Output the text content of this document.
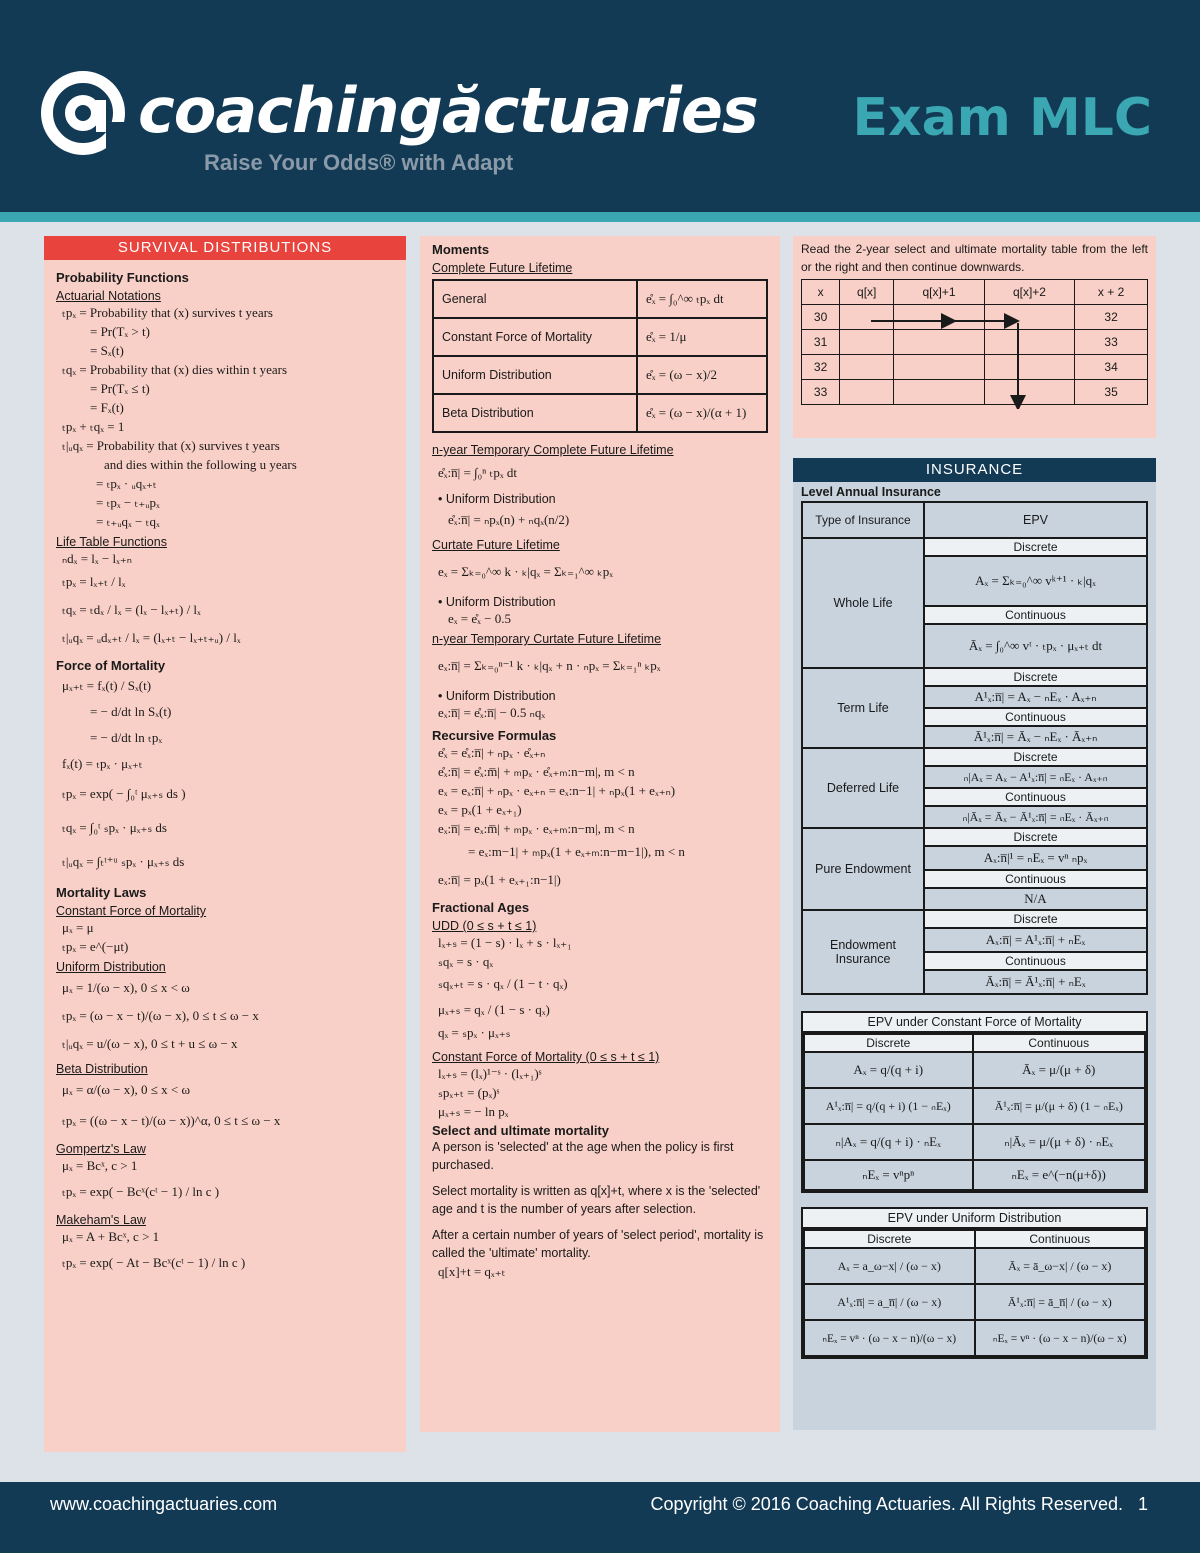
coachingăctuaries
Raise Your Odds® with Adapt
Exam MLC
SURVIVAL DISTRIBUTIONS
Probability Functions
Actuarial Notations
ₜpₓ = Probability that (x) survives t years
= Pr(Tₓ > t)
= Sₓ(t)
ₜqₓ = Probability that (x) dies within t years
= Pr(Tₓ ≤ t)
= Fₓ(t)
ₜpₓ + ₜqₓ = 1
ₜ|ᵤqₓ = Probability that (x) survives t years
and dies within the following u years
= ₜpₓ · ᵤqₓ₊ₜ
= ₜpₓ − ₜ₊ᵤpₓ
= ₜ₊ᵤqₓ − ₜqₓ
Life Table Functions
ₙdₓ = lₓ − lₓ₊ₙ
ₜpₓ = lₓ₊ₜ / lₓ
ₜqₓ = ₜdₓ / lₓ = (lₓ − lₓ₊ₜ) / lₓ
ₜ|ᵤqₓ = ᵤdₓ₊ₜ / lₓ = (lₓ₊ₜ − lₓ₊ₜ₊ᵤ) / lₓ
Force of Mortality
μₓ₊ₜ = fₓ(t) / Sₓ(t)
= − d/dt ln Sₓ(t)
= − d/dt ln ₜpₓ
fₓ(t) = ₜpₓ · μₓ₊ₜ
ₜpₓ = exp( − ∫₀ᵗ μₓ₊ₛ ds )
ₜqₓ = ∫₀ᵗ ₛpₓ · μₓ₊ₛ ds
ₜ|ᵤqₓ = ∫ₜᵗ⁺ᵘ ₛpₓ · μₓ₊ₛ ds
Mortality Laws
Constant Force of Mortality
μₓ = μ
ₜpₓ = e^(−μt)
Uniform Distribution
μₓ = 1/(ω − x), 0 ≤ x < ω
ₜpₓ = (ω − x − t)/(ω − x), 0 ≤ t ≤ ω − x
ₜ|ᵤqₓ = u/(ω − x), 0 ≤ t + u ≤ ω − x
Beta Distribution
μₓ = α/(ω − x), 0 ≤ x < ω
ₜpₓ = ((ω − x − t)/(ω − x))^α, 0 ≤ t ≤ ω − x
Gompertz's Law
μₓ = Bcˣ, c > 1
ₜpₓ = exp( − Bcˣ(cᵗ − 1) / ln c )
Makeham's Law
μₓ = A + Bcˣ, c > 1
ₜpₓ = exp( − At − Bcˣ(cᵗ − 1) / ln c )
Moments
Complete Future Lifetime
General	e̊ₓ = ∫₀^∞ ₜpₓ dt
Constant Force of Mortality	e̊ₓ = 1/μ
Uniform Distribution	e̊ₓ = (ω − x)/2
Beta Distribution	e̊ₓ = (ω − x)/(α + 1)
n-year Temporary Complete Future Lifetime
e̊ₓ:n̅| = ∫₀ⁿ ₜpₓ dt
• Uniform Distribution
e̊ₓ:n̅| = ₙpₓ(n) + ₙqₓ(n/2)
Curtate Future Lifetime
eₓ = Σₖ₌₀^∞ k · ₖ|qₓ = Σₖ₌₁^∞ ₖpₓ
• Uniform Distribution
eₓ = e̊ₓ − 0.5
n-year Temporary Curtate Future Lifetime
eₓ:n̅| = Σₖ₌₀ⁿ⁻¹ k · ₖ|qₓ + n · ₙpₓ = Σₖ₌₁ⁿ ₖpₓ
• Uniform Distribution
eₓ:n̅| = e̊ₓ:n̅| − 0.5 ₙqₓ
Recursive Formulas
e̊ₓ = e̊ₓ:n̅| + ₙpₓ · e̊ₓ₊ₙ
e̊ₓ:n̅| = e̊ₓ:m̅| + ₘpₓ · e̊ₓ₊ₘ:n−m|, m < n
eₓ = eₓ:n̅| + ₙpₓ · eₓ₊ₙ = eₓ:n−1| + ₙpₓ(1 + eₓ₊ₙ)
eₓ = pₓ(1 + eₓ₊₁)
eₓ:n̅| = eₓ:m̅| + ₘpₓ · eₓ₊ₘ:n−m|, m < n
= eₓ:m−1| + ₘpₓ(1 + eₓ₊ₘ:n−m−1|), m < n
eₓ:n̅| = pₓ(1 + eₓ₊₁:n−1|)
Fractional Ages
UDD (0 ≤ s + t ≤ 1)
lₓ₊ₛ = (1 − s) · lₓ + s · lₓ₊₁
ₛqₓ = s · qₓ
ₛqₓ₊ₜ = s · qₓ / (1 − t · qₓ)
μₓ₊ₛ = qₓ / (1 − s · qₓ)
qₓ = ₛpₓ · μₓ₊ₛ
Constant Force of Mortality (0 ≤ s + t ≤ 1)
lₓ₊ₛ = (lₓ)¹⁻ˢ · (lₓ₊₁)ˢ
ₛpₓ₊ₜ = (pₓ)ˢ
μₓ₊ₛ = − ln pₓ
Select and ultimate mortality
A person is 'selected' at the age when the policy is first purchased.
Select mortality is written as q[x]+t, where x is the 'selected' age and t is the number of years after selection.
After a certain number of years of 'select period', mortality is called the 'ultimate' mortality.
q[x]+t = qₓ₊ₜ
Read the 2-year select and ultimate mortality table from the left or the right and then continue downwards.
x	q[x]	q[x]+1	q[x]+2	x + 2
30				32
31				33
32				34
33				35
INSURANCE
Level Annual Insurance
Type of Insurance	EPV
Whole Life	Discrete
	Aₓ = Σₖ₌₀^∞ vᵏ⁺¹ · ₖ|qₓ
	Continuous
	Āₓ = ∫₀^∞ vᵗ · ₜpₓ · μₓ₊ₜ dt
Term Life	Discrete
	A¹ₓ:n̅| = Aₓ − ₙEₓ · Aₓ₊ₙ
	Continuous
	Ā¹ₓ:n̅| = Āₓ − ₙEₓ · Āₓ₊ₙ
Deferred Life	Discrete
	ₙ|Aₓ = Aₓ − A¹ₓ:n̅| = ₙEₓ · Aₓ₊ₙ
	Continuous
	ₙ|Āₓ = Āₓ − Ā¹ₓ:n̅| = ₙEₓ · Āₓ₊ₙ
Pure Endowment	Discrete
	Aₓ:n̅|¹ = ₙEₓ = vⁿ ₙpₓ
	Continuous
	N/A
Endowment Insurance	Discrete
	Aₓ:n̅| = A¹ₓ:n̅| + ₙEₓ
	Continuous
	Āₓ:n̅| = Ā¹ₓ:n̅| + ₙEₓ
EPV under Constant Force of Mortality
Discrete	Continuous
Aₓ = q/(q + i)	Āₓ = μ/(μ + δ)
A¹ₓ:n̅| = q/(q + i) (1 − ₙEₓ)	Ā¹ₓ:n̅| = μ/(μ + δ) (1 − ₙEₓ)
ₙ|Aₓ = q/(q + i) · ₙEₓ	ₙ|Āₓ = μ/(μ + δ) · ₙEₓ
ₙEₓ = vⁿpⁿ	ₙEₓ = e^(−n(μ+δ))
EPV under Uniform Distribution
Discrete	Continuous
Aₓ = a_ω−x| / (ω − x)	Āₓ = ā_ω−x| / (ω − x)
A¹ₓ:n̅| = a_n̅| / (ω − x)	Ā¹ₓ:n̅| = ā_n̅| / (ω − x)
ₙEₓ = vⁿ · (ω − x − n)/(ω − x)	ₙEₓ = vⁿ · (ω − x − n)/(ω − x)
www.coachingactuaries.com	Copyright © 2016 Coaching Actuaries. All Rights Reserved. 1
